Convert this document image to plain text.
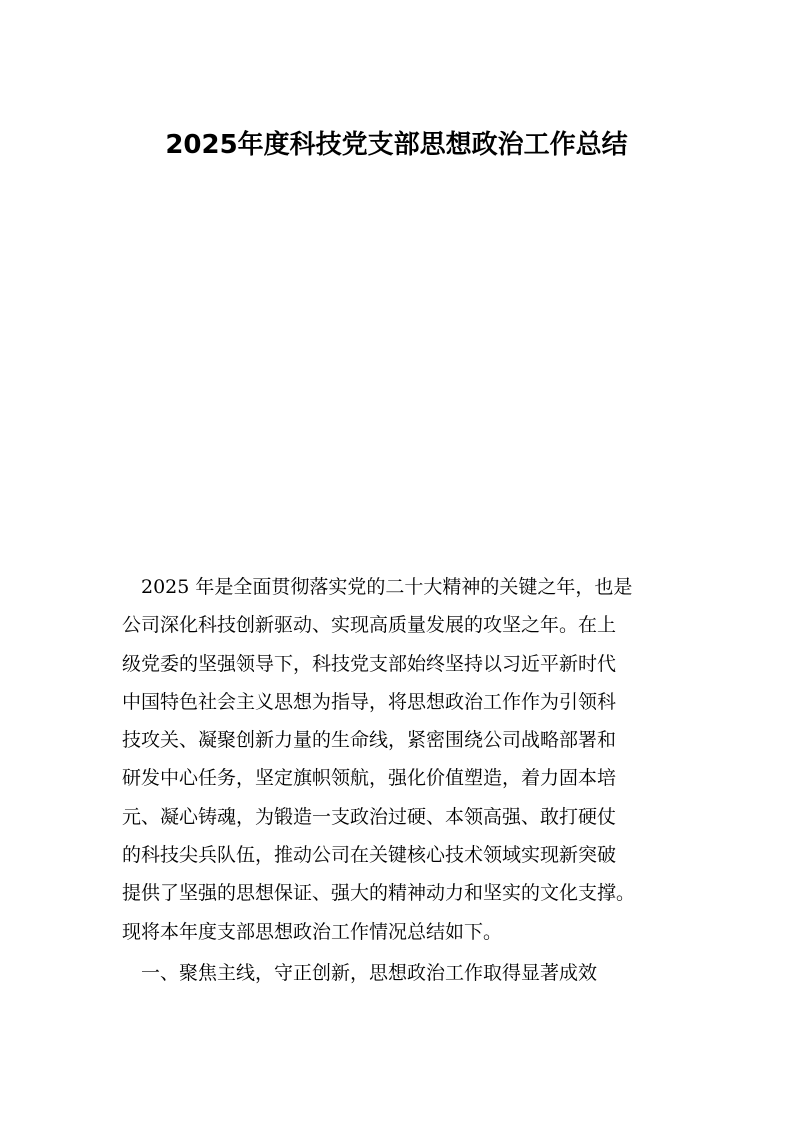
2025年度科技党支部思想政治工作总结
2025 年是全面贯彻落实党的二十大精神的关键之年，也是
公司深化科技创新驱动、实现高质量发展的攻坚之年。在上
级党委的坚强领导下，科技党支部始终坚持以习近平新时代
中国特色社会主义思想为指导，将思想政治工作作为引领科
技攻关、凝聚创新力量的生命线，紧密围绕公司战略部署和
研发中心任务，坚定旗帜领航，强化价值塑造，着力固本培
元、凝心铸魂，为锻造一支政治过硬、本领高强、敢打硬仗
的科技尖兵队伍，推动公司在关键核心技术领域实现新突破
提供了坚强的思想保证、强大的精神动力和坚实的文化支撑。
现将本年度支部思想政治工作情况总结如下。
一、聚焦主线，守正创新，思想政治工作取得显著成效
